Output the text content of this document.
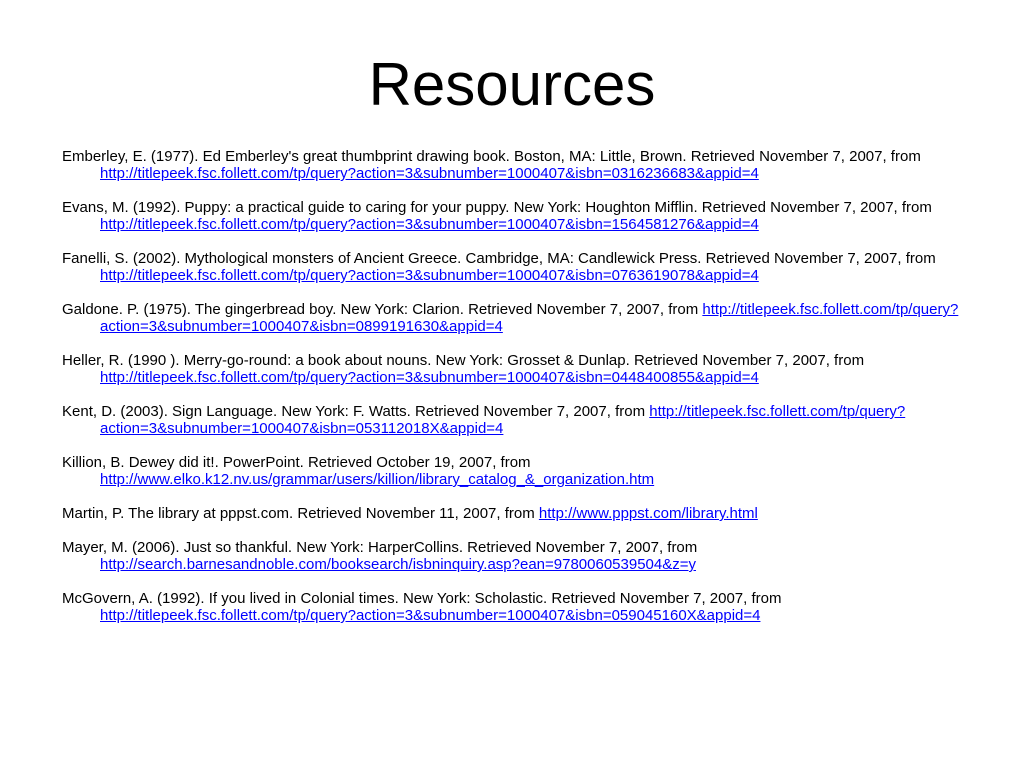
Resources
Emberley, E. (1977). Ed Emberley's great thumbprint drawing book. Boston, MA: Little, Brown. Retrieved November 7, 2007, from http://titlepeek.fsc.follett.com/tp/query?action=3&subnumber=1000407&isbn=0316236683&appid=4
Evans, M. (1992). Puppy: a practical guide to caring for your puppy. New York: Houghton Mifflin. Retrieved November 7, 2007, from http://titlepeek.fsc.follett.com/tp/query?action=3&subnumber=1000407&isbn=1564581276&appid=4
Fanelli, S. (2002). Mythological monsters of Ancient Greece. Cambridge, MA: Candlewick Press. Retrieved November 7, 2007, from http://titlepeek.fsc.follett.com/tp/query?action=3&subnumber=1000407&isbn=0763619078&appid=4
Galdone. P. (1975). The gingerbread boy. New York: Clarion. Retrieved November 7, 2007, from http://titlepeek.fsc.follett.com/tp/query?action=3&subnumber=1000407&isbn=0899191630&appid=4
Heller, R. (1990 ). Merry-go-round: a book about nouns. New York: Grosset & Dunlap. Retrieved November 7, 2007, from http://titlepeek.fsc.follett.com/tp/query?action=3&subnumber=1000407&isbn=0448400855&appid=4
Kent, D. (2003). Sign Language. New York: F. Watts. Retrieved November 7, 2007, from http://titlepeek.fsc.follett.com/tp/query?action=3&subnumber=1000407&isbn=053112018X&appid=4
Killion, B. Dewey did it!. PowerPoint. Retrieved October 19, 2007, from http://www.elko.k12.nv.us/grammar/users/killion/library_catalog_&_organization.htm
Martin, P. The library at pppst.com. Retrieved November 11, 2007, from http://www.pppst.com/library.html
Mayer, M. (2006). Just so thankful. New York: HarperCollins. Retrieved November 7, 2007, from http://search.barnesandnoble.com/booksearch/isbninquiry.asp?ean=9780060539504&z=y
McGovern, A. (1992). If you lived in Colonial times. New York: Scholastic. Retrieved November 7, 2007, from http://titlepeek.fsc.follett.com/tp/query?action=3&subnumber=1000407&isbn=059045160X&appid=4
